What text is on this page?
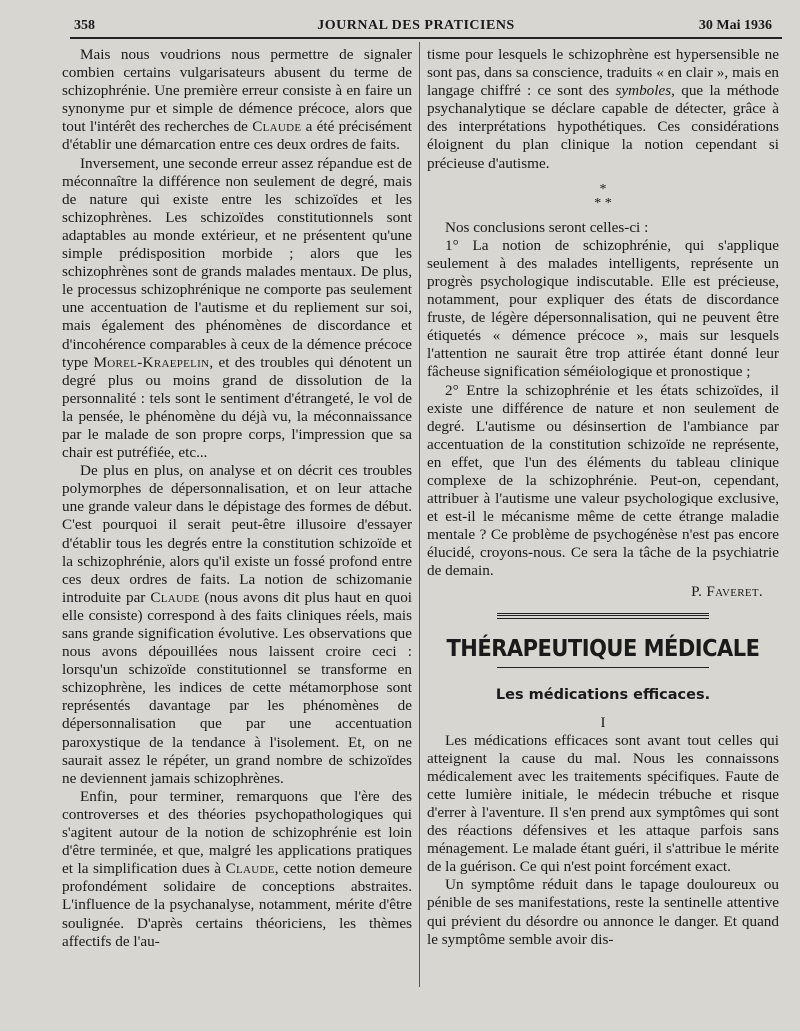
358	JOURNAL DES PRATICIENS	30 Mai 1936

Mais nous voudrions nous permettre de signaler combien certains vulgarisateurs abusent du terme de schizophrénie. Une première erreur consiste à en faire un synonyme pur et simple de démence précoce, alors que tout l'intérêt des recherches de Claude a été précisément d'établir une démarcation entre ces deux ordres de faits.

Inversement, une seconde erreur assez répandue est de méconnaître la différence non seulement de degré, mais de nature qui existe entre les schizoïdes et les schizophrènes. Les schizoïdes constitutionnels sont adaptables au monde extérieur, et ne présentent qu'une simple prédisposition morbide ; alors que les schizophrènes sont de grands malades mentaux. De plus, le processus schizophrénique ne comporte pas seulement une accentuation de l'autisme et du repliement sur soi, mais également des phénomènes de discordance et d'incohérence comparables à ceux de la démence précoce type Morel-Kraepelin, et des troubles qui dénotent un degré plus ou moins grand de dissolution de la personnalité : tels sont le sentiment d'étrangeté, le vol de la pensée, le phénomène du déjà vu, la méconnaissance par le malade de son propre corps, l'impression que sa chair est putréfiée, etc...

De plus en plus, on analyse et on décrit ces troubles polymorphes de dépersonnalisation, et on leur attache une grande valeur dans le dépistage des formes de début. C'est pourquoi il serait peut-être illusoire d'essayer d'établir tous les degrés entre la constitution schizoïde et la schizophrénie, alors qu'il existe un fossé profond entre ces deux ordres de faits. La notion de schizomanie introduite par Claude (nous avons dit plus haut en quoi elle consiste) correspond à des faits cliniques réels, mais sans grande signification évolutive. Les observations que nous avons dépouillées nous laissent croire ceci : lorsqu'un schizoïde constitutionnel se transforme en schizophrène, les indices de cette métamorphose sont représentés davantage par les phénomènes de dépersonnalisation que par une accentuation paroxystique de la tendance à l'isolement. Et, on ne saurait assez le répéter, un grand nombre de schizoïdes ne deviennent jamais schizophrènes.

Enfin, pour terminer, remarquons que l'ère des controverses et des théories psychopathologiques qui s'agitent autour de la notion de schizophrénie est loin d'être terminée, et que, malgré les applications pratiques et la simplification dues à Claude, cette notion demeure profondément solidaire de conceptions abstraites. L'influence de la psychanalyse, notamment, mérite d'être soulignée. D'après certains théoriciens, les thèmes affectifs de l'au-

tisme pour lesquels le schizophrène est hypersensible ne sont pas, dans sa conscience, traduits « en clair », mais en langage chiffré : ce sont des symboles, que la méthode psychanalytique se déclare capable de détecter, grâce à des interprétations hypothétiques. Ces considérations éloignent du plan clinique la notion cependant si précieuse d'autisme.

*
* *

Nos conclusions seront celles-ci :

1° La notion de schizophrénie, qui s'applique seulement à des malades intelligents, représente un progrès psychologique indiscutable. Elle est précieuse, notamment, pour expliquer des états de discordance fruste, de légère dépersonnalisation, qui ne peuvent être étiquetés « démence précoce », mais sur lesquels l'attention ne saurait être trop attirée étant donné leur fâcheuse signification séméiologique et pronostique ;

2° Entre la schizophrénie et les états schizoïdes, il existe une différence de nature et non seulement de degré. L'autisme ou désinsertion de l'ambiance par accentuation de la constitution schizoïde ne représente, en effet, que l'un des éléments du tableau clinique complexe de la schizophrénie. Peut-on, cependant, attribuer à l'autisme une valeur psychologique exclusive, et est-il le mécanisme même de cette étrange maladie mentale ? Ce problème de psychogénèse n'est pas encore élucidé, croyons-nous. Ce sera la tâche de la psychiatrie de demain.

P. Faveret.
THÉRAPEUTIQUE MÉDICALE
Les médications efficaces.
I

Les médications efficaces sont avant tout celles qui atteignent la cause du mal. Nous les connaissons médicalement avec les traitements spécifiques. Faute de cette lumière initiale, le médecin trébuche et risque d'errer à l'aventure. Il s'en prend aux symptômes qui sont des réactions défensives et les attaque parfois sans ménagement. Le malade étant guéri, il s'attribue le mérite de la guérison. Ce qui n'est point forcément exact.

Un symptôme réduit dans le tapage douloureux ou pénible de ses manifestations, reste la sentinelle attentive qui prévient du désordre ou annonce le danger. Et quand le symptôme semble avoir dis-
